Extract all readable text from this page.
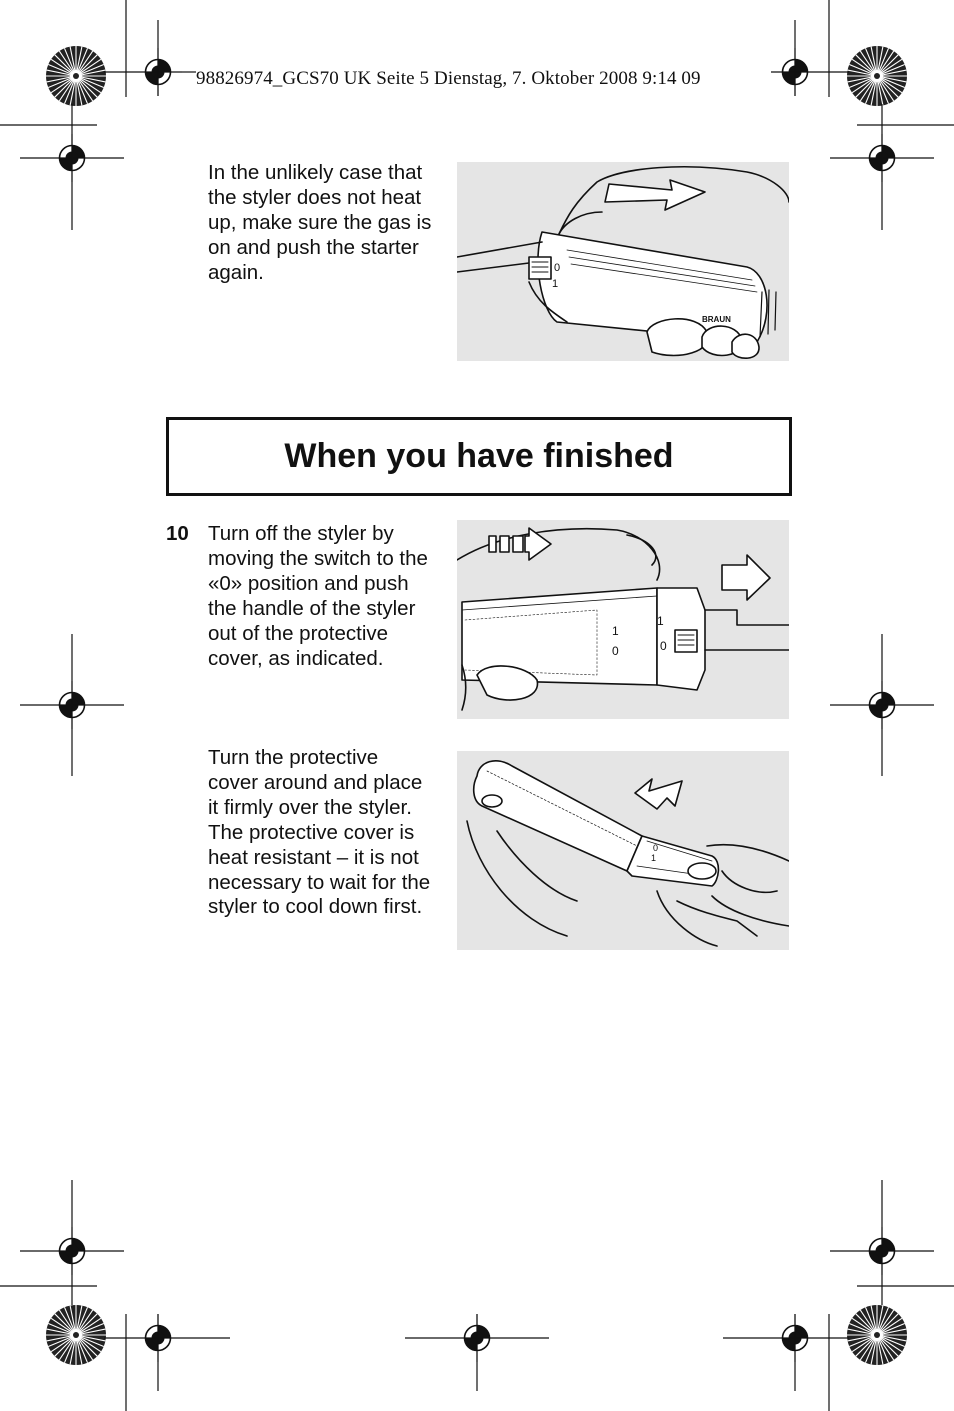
98826974_GCS70 UK Seite 5 Dienstag, 7. Oktober 2008 9:14 09
In the unlikely case that the styler does not heat up, make sure the gas is on and push the starter again.	0
1
BRAUN
When you have finished
10 Turn off the styler by moving the switch to the «0» position and push the handle of the styler out of the protective cover, as indicated.
1
0
1
0
Turn the protective cover around and place it firmly over the styler. The protective cover is heat resistant – it is not necessary to wait for the styler to cool down first.
0
1
